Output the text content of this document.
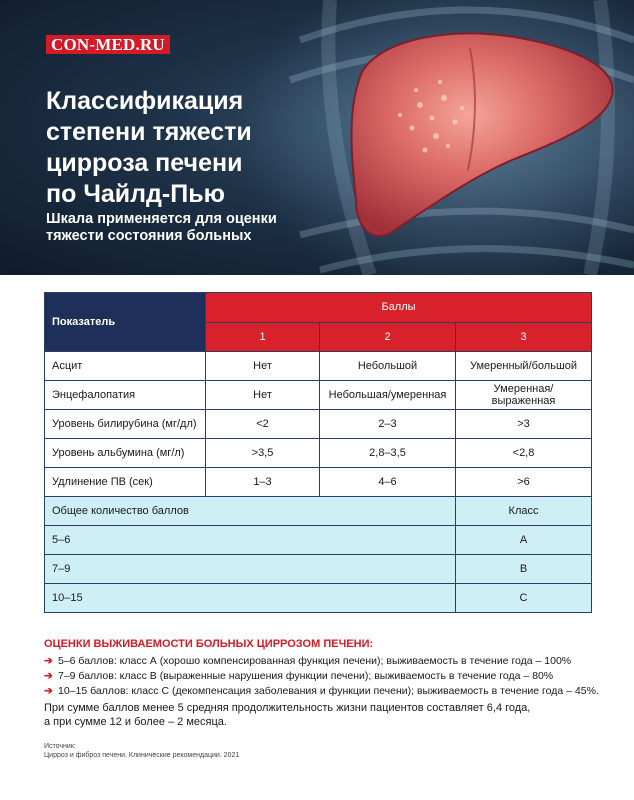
CON-MED.RU
Классификация
степени тяжести
цирроза печени
по Чайлд-Пью
Шкала применяется для оценки
тяжести состояния больных
Показатель	Баллы		
	1	2	3
Асцит	Нет	Небольшой	Умеренный/большой
Энцефалопатия	Нет	Небольшая/умеренная	Умеренная/выраженная
Уровень билирубина (мг/дл)	<2	2–3	>3
Уровень альбумина (мг/л)	>3,5	2,8–3,5	<2,8
Удлинение ПВ (сек)	1–3	4–6	>6
Общее количество баллов			Класс
5–6			A
7–9			B
10–15			C
ОЦЕНКИ ВЫЖИВАЕМОСТИ БОЛЬНЫХ ЦИРРОЗОМ ПЕЧЕНИ:
➔ 5–6 баллов: класс А (хорошо компенсированная функция печени); выживаемость в течение года – 100%
➔ 7–9 баллов: класс В (выраженные нарушения функции печени); выживаемость в течение года – 80%
➔ 10–15 баллов: класс С (декомпенсация заболевания и функции печени); выживаемость в течение года – 45%.
При сумме баллов менее 5 средняя продолжительность жизни пациентов составляет 6,4 года,
а при сумме 12 и более – 2 месяца.
Источник:
Цирроз и фиброз печени. Клинические рекомендации. 2021
